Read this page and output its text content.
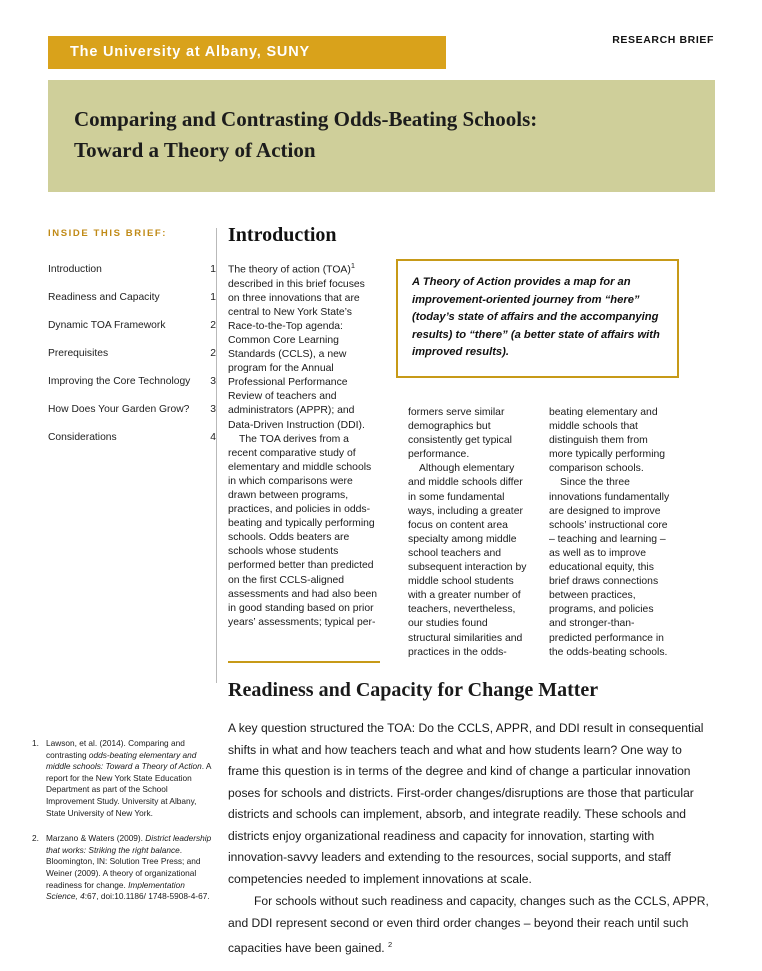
RESEARCH BRIEF
The University at Albany, SUNY
Comparing and Contrasting Odds-Beating Schools:
Toward a Theory of Action
INSIDE THIS BRIEF:
Introduction	1
Readiness and Capacity	1
Dynamic TOA Framework	2
Prerequisites	2
Improving the Core Technology	3
How Does Your Garden Grow?	3
Considerations	4
1. Lawson, et al. (2014). Comparing and contrasting odds-beating elementary and middle schools: Toward a Theory of Action. A report for the New York State Education Department as part of the School Improvement Study. University at Albany, State University of New York.
2. Marzano & Waters (2009). District leadership that works: Striking the right balance. Bloomington, IN: Solution Tree Press; and Weiner (2009). A theory of organizational readiness for change. Implementation Science, 4:67, doi:10.1186/ 1748-5908-4-67.
Introduction

The theory of action (TOA)$^1$ described in this brief focuses on three innovations that are central to New York State’s Race-to-the-Top agenda: Common Core Learning Standards (CCLS), a new program for the Annual Professional Performance Review of teachers and administrators (APPR); and Data-Driven Instruction (DDI).

The TOA derives from a recent comparative study of elementary and middle schools in which comparisons were drawn between programs, practices, and policies in odds-beating and typically performing schools. Odds beaters are schools whose students performed better than predicted on the first CCLS-aligned assessments and had also been in good standing based on prior years’ assessments; typical per-

A Theory of Action provides a map for an improvement-oriented journey from “here” (today’s state of affairs and the accompanying results) to “there” (a better state of affairs with improved results).

formers serve similar demographics but consistently get typical performance.

Although elementary and middle schools differ in some fundamental ways, including a greater focus on content area specialty among middle school teachers and subsequent interaction by middle school students with a greater number of teachers, nevertheless, our studies found structural similarities and practices in the odds-

beating elementary and middle schools that distinguish them from more typically performing comparison schools.

Since the three innovations fundamentally are designed to improve schools’ instructional core – teaching and learning – as well as to improve educational equity, this brief draws connections between practices, programs, and policies and stronger-than-predicted performance in the odds-beating schools.

Readiness and Capacity for Change Matter

A key question structured the TOA: Do the CCLS, APPR, and DDI result in consequential shifts in what and how teachers teach and what and how students learn? One way to frame this question is in terms of the degree and kind of change a particular innovation poses for schools and districts. First-order changes/disruptions are those that particular districts and schools can implement, absorb, and integrate readily. These schools and districts enjoy organizational readiness and capacity for innovation, starting with innovation-savvy leaders and extending to the resources, social supports, and staff competencies needed to implement innovations at scale.

For schools without such readiness and capacity, changes such as the CCLS, APPR, and DDI represent second or even third order changes – beyond their reach until such capacities have been gained. $^2$
